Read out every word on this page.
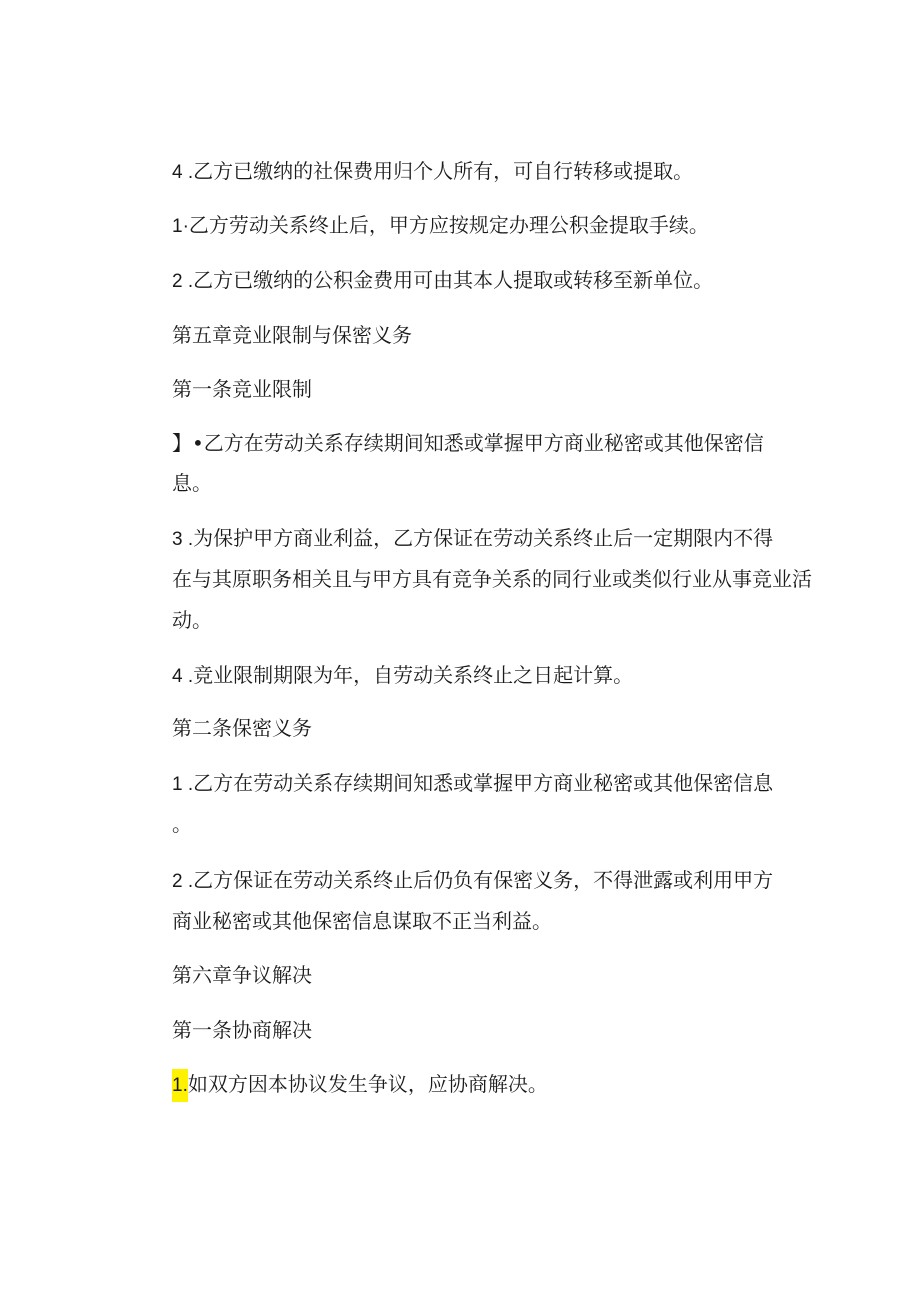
4 .乙方已缴纳的社保费用归个人所有，可自行转移或提取。
1·乙方劳动关系终止后，甲方应按规定办理公积金提取手续。
2 .乙方已缴纳的公积金费用可由其本人提取或转移至新单位。
第五章竞业限制与保密义务
第一条竞业限制
】•乙方在劳动关系存续期间知悉或掌握甲方商业秘密或其他保密信
息。
3 .为保护甲方商业利益，乙方保证在劳动关系终止后一定期限内不得
在与其原职务相关且与甲方具有竞争关系的同行业或类似行业从事竞业活
动。
4 .竞业限制期限为年，自劳动关系终止之日起计算。
第二条保密义务
1 .乙方在劳动关系存续期间知悉或掌握甲方商业秘密或其他保密信息
。
2 .乙方保证在劳动关系终止后仍负有保密义务，不得泄露或利用甲方
商业秘密或其他保密信息谋取不正当利益。
第六章争议解决
第一条协商解决
1.如双方因本协议发生争议，应协商解决。
